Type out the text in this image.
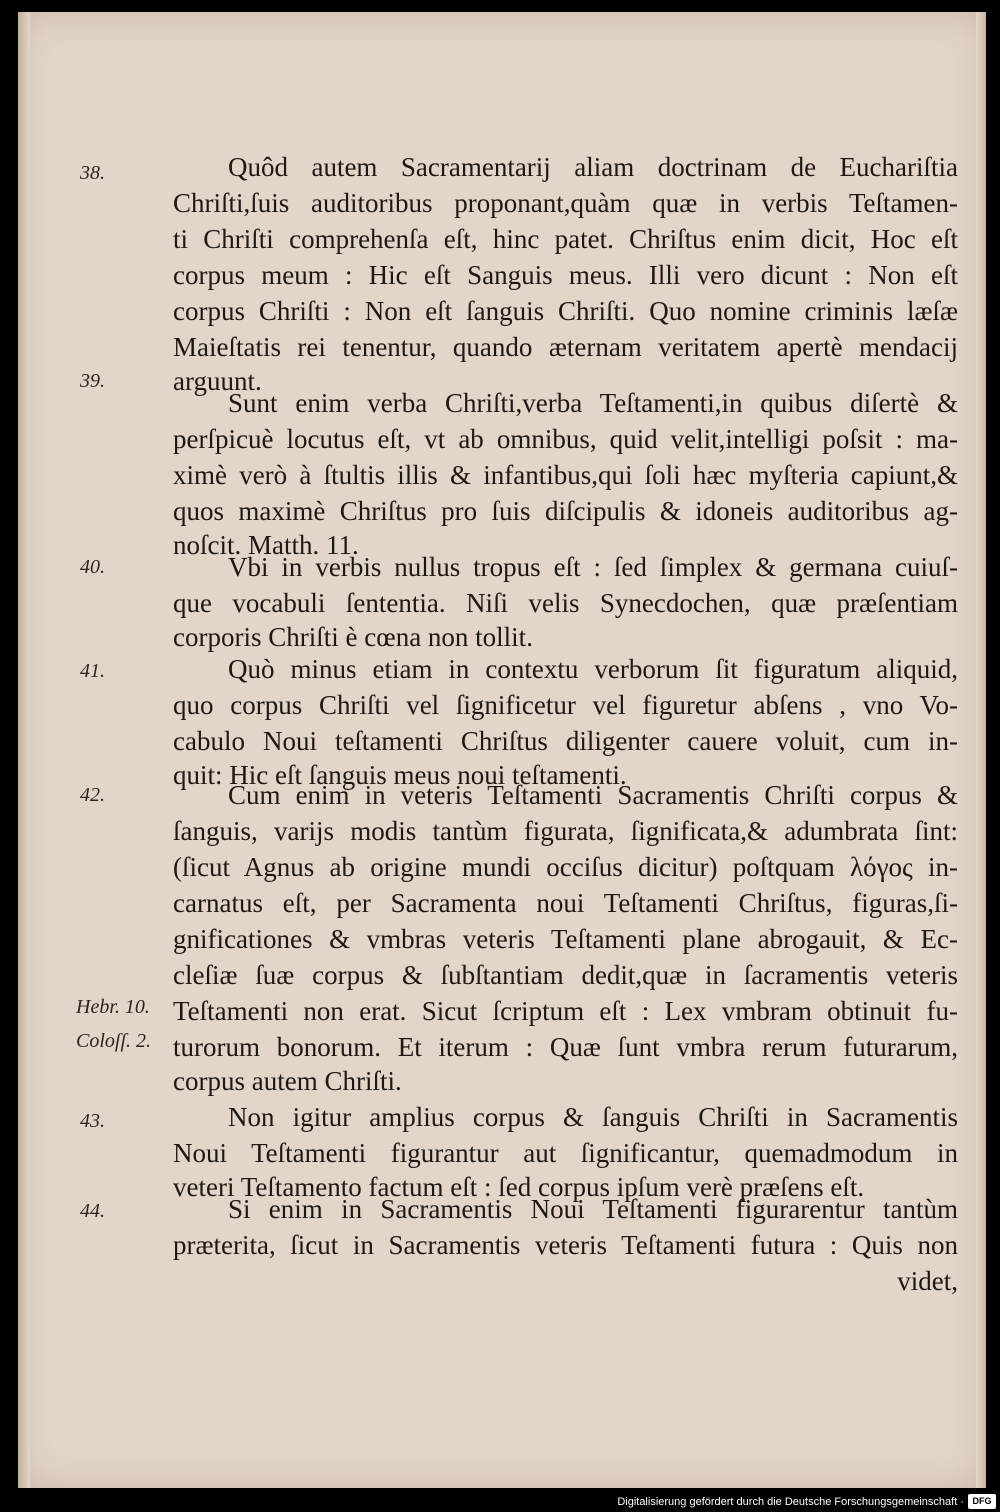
38.	Quôd autem Sacramentarij aliam doctrinam de Euchariſtia
Chriſti,ſuis auditoribus proponant,quàm quæ in verbis Teſtamen-
ti Chriſti comprehenſa eſt, hinc patet. Chriſtus enim dicit, Hoc eſt
corpus meum : Hic eſt Sanguis meus. Illi vero dicunt : Non eſt
corpus Chriſti : Non eſt ſanguis Chriſti. Quo nomine criminis læſæ
Maieſtatis rei tenentur, quando æternam veritatem apertè mendacij
arguunt.
39.
Sunt enim verba Chriſti,verba Teſtamenti,in quibus diſertè &
perſpicuè locutus eſt, vt ab omnibus, quid velit,intelligi poſsit : ma-
ximè verò à ſtultis illis & infantibus,qui ſoli hæc myſteria capiunt,&
quos maximè Chriſtus pro ſuis diſcipulis & idoneis auditoribus ag-
noſcit. Matth. 11.
40.	Vbi in verbis nullus tropus eſt : ſed ſimplex & germana cuiuſ-
que vocabuli ſententia. Niſi velis Synecdochen, quæ præſentiam
corporis Chriſti è cœna non tollit.
41.	Quò minus etiam in contextu verborum ſit figuratum aliquid,
quo corpus Chriſti vel ſignificetur vel figuretur abſens , vno Vo-
cabulo Noui teſtamenti Chriſtus diligenter cauere voluit, cum in-
quit: Hic eſt ſanguis meus noui teſtamenti.
42.	Cum enim in veteris Teſtamenti Sacramentis Chriſti corpus &
ſanguis, varijs modis tantùm figurata, ſignificata,& adumbrata ſint:
(ſicut Agnus ab origine mundi occiſus dicitur) poſtquam λόγος in-
carnatus eſt, per Sacramenta noui Teſtamenti Chriſtus, figuras,ſi-
gnificationes & vmbras veteris Teſtamenti plane abrogauit, & Ec-
cleſiæ ſuæ corpus & ſubſtantiam dedit,quæ in ſacramentis veteris
Teſtamenti non erat. Sicut ſcriptum eſt : Lex vmbram obtinuit fu-
turorum bonorum. Et iterum : Quæ ſunt vmbra rerum futurarum,
corpus autem Chriſti.
Hebr. 10.
Coloſſ. 2.
43.	Non igitur amplius corpus & ſanguis Chriſti in Sacramentis
Noui Teſtamenti figurantur aut ſignificantur, quemadmodum in
veteri Teſtamento factum eſt : ſed corpus ipſum verè præſens eſt.
44.	Si enim in Sacramentis Noui Teſtamenti figurarentur tantùm
præterita, ſicut in Sacramentis veteris Teſtamenti futura : Quis non
videt,
Digitalisierung gefördert durch die Deutsche Forschungsgemeinschaft · DFG
